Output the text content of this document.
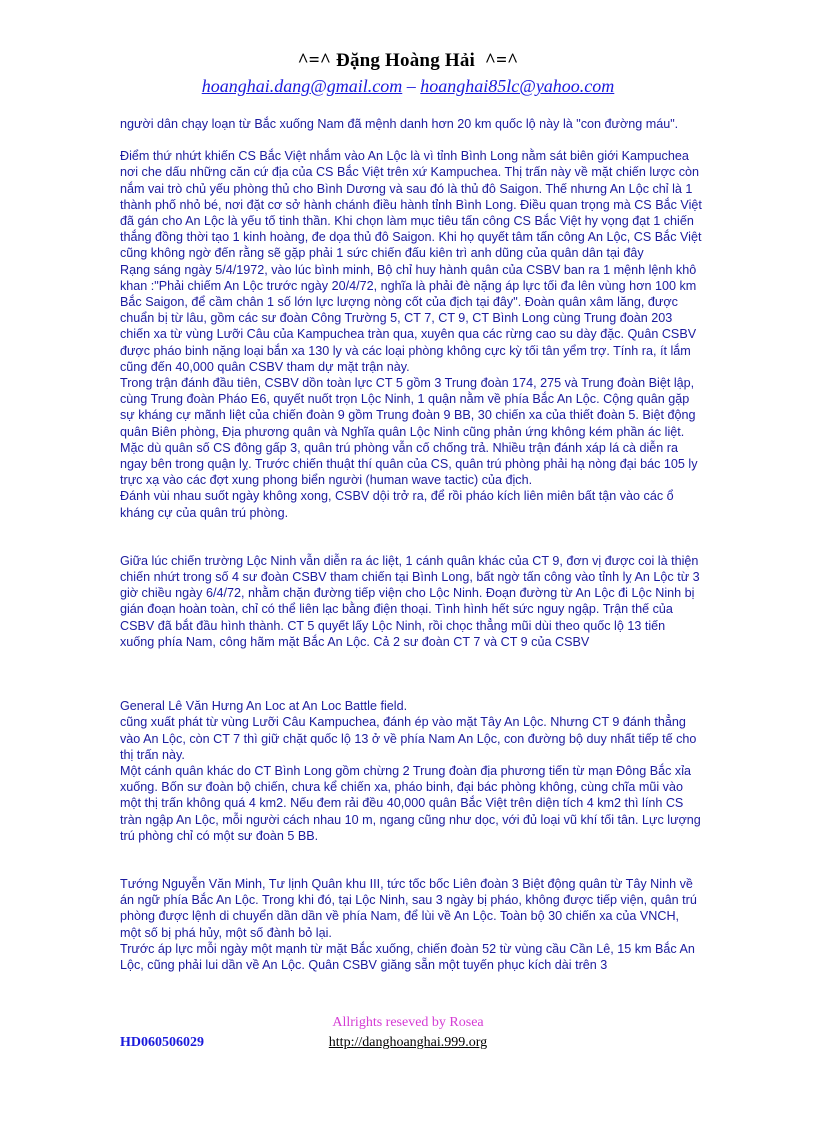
^=^ Đặng Hoàng Hải  ^=^
hoanghai.dang@gmail.com – hoanghai85lc@yahoo.com

người dân chạy loạn từ Bắc xuống Nam đã mệnh danh hơn 20 km quốc lộ này là "con đường máu".

Điểm thứ nhứt khiến CS Bắc Việt nhắm vào An Lộc là vì tỉnh Bình Long nằm sát biên giới Kampuchea nơi che dấu những căn cứ địa của CS Bắc Việt trên xứ Kampuchea. Thị trấn này về mặt chiến lược còn nắm vai trò chủ yếu phòng thủ cho Bình Dương và sau đó là thủ đô Saigon. Thế nhưng An Lộc chỉ là 1 thành phố nhỏ bé, nơi đặt cơ sở hành chánh điều hành tỉnh Bình Long. Điều quan trọng mà CS Bắc Việt đã gán cho An Lộc là yếu tố tinh thần. Khi chọn làm mục tiêu tấn công CS Bắc Việt hy vọng đạt 1 chiến thắng đồng thời tạo 1 kinh hoàng, đe dọa thủ đô Saigon. Khi họ quyết tâm tấn công An Lộc, CS Bắc Việt cũng không ngờ đến rằng sẽ gặp phải 1 sức chiến đấu kiên trì anh dũng của quân dân tại đây

Rạng sáng ngày 5/4/1972, vào lúc bình minh, Bộ chỉ huy hành quân của CSBV ban ra 1 mệnh lệnh khô khan :"Phải chiếm An Lộc trước ngày 20/4/72, nghĩa là phải đè nặng áp lực tối đa lên vùng hơn 100 km Bắc Saigon, để cầm chân 1 số lớn lực lượng nòng cốt của địch tại đây". Đoàn quân xâm lăng, được chuẩn bị từ lâu, gồm các sư đoàn Công Trường 5, CT 7, CT 9, CT Bình Long cùng Trung đoàn 203 chiến xa từ vùng Lưỡi Câu của Kampuchea tràn qua, xuyên qua các rừng cao su dày đặc. Quân CSBV được pháo binh nặng loại bắn xa 130 ly và các loại phòng không cực kỳ tối tân yểm trợ. Tính ra, ít lắm cũng đến 40,000 quân CSBV tham dự mặt trận này.

Trong trận đánh đầu tiên, CSBV dồn toàn lực CT 5 gồm 3 Trung đoàn 174, 275 và Trung đoàn Biệt lập, cùng Trung đoàn Pháo E6, quyết nuốt trọn Lộc Ninh, 1 quận nằm về phía Bắc An Lộc. Cộng quân gặp sự kháng cự mãnh liệt của chiến đoàn 9 gồm Trung đoàn 9 BB, 30 chiến xa của thiết đoàn 5. Biệt động quân Biên phòng, Địa phương quân và Nghĩa quân Lộc Ninh cũng phản ứng không kém phần ác liệt. Mặc dù quân số CS đông gấp 3, quân trú phòng vẫn cố chống trả. Nhiều trận đánh xáp lá cà diễn ra ngay bên trong quận lỵ. Trước chiến thuật thí quân của CS, quân trú phòng phải hạ nòng đại bác 105 ly trực xạ vào các đợt xung phong biển người (human wave tactic) của địch.

Đánh vùi nhau suốt ngày không xong, CSBV dội trở ra, để rồi pháo kích liên miên bất tận vào các ổ kháng cự của quân trú phòng.

Giữa lúc chiến trường Lộc Ninh vẫn diễn ra ác liệt, 1 cánh quân khác của CT 9, đơn vị được coi là thiện chiến nhứt trong số 4 sư đoàn CSBV tham chiến tại Bình Long, bất ngờ tấn công vào tỉnh lỵ An Lộc từ 3 giờ chiều ngày 6/4/72, nhằm chặn đường tiếp viện cho Lộc Ninh. Đoạn đường từ An Lộc đi Lộc Ninh bị gián đoạn hoàn toàn, chỉ có thể liên lạc bằng điện thoại. Tình hình hết sức nguy ngập. Trận thế của CSBV đã bắt đầu hình thành. CT 5 quyết lấy Lộc Ninh, rồi chọc thẳng mũi dùi theo quốc lộ 13 tiến xuống phía Nam, công hãm mặt Bắc An Lộc. Cả 2 sư đoàn CT 7 và CT 9 của CSBV

General Lê Văn Hưng An Loc at An Loc Battle field.

cũng xuất phát từ vùng Lưỡi Câu Kampuchea, đánh ép vào mặt Tây An Lộc. Nhưng CT 9 đánh thẳng vào An Lộc, còn CT 7 thì giữ chặt quốc lộ 13 ở về phía Nam An Lộc, con đường bộ duy nhất tiếp tế cho thị trấn này.

Một cánh quân khác do CT Bình Long gồm chừng 2 Trung đoàn địa phương tiến từ mạn Đông Bắc xỉa xuống. Bốn sư đoàn bộ chiến, chưa kể chiến xa, pháo binh, đại bác phòng không, cùng chĩa mũi vào một thị trấn không quá 4 km2. Nếu đem rải đều 40,000 quân Bắc Việt trên diện tích 4 km2 thì lính CS tràn ngập An Lộc, mỗi người cách nhau 10 m, ngang cũng như dọc, với đủ loại vũ khí tối tân. Lực lượng trú phòng chỉ có một sư đoàn 5 BB.

Tướng Nguyễn Văn Minh, Tư lịnh Quân khu III, tức tốc bốc Liên đoàn 3 Biệt động quân từ Tây Ninh về án ngữ phía Bắc An Lộc. Trong khi đó, tại Lộc Ninh, sau 3 ngày bị pháo, không được tiếp viện, quân trú phòng được lệnh di chuyển dần dần về phía Nam, để lùi về An Lộc. Toàn bộ 30 chiến xa của VNCH, một số bị phá hủy, một số đành bỏ lại.

Trước áp lực mỗi ngày một mạnh từ mặt Bắc xuống, chiến đoàn 52 từ vùng cầu Cần Lê, 15 km Bắc An Lộc, cũng phải lui dần về An Lộc. Quân CSBV giăng sẵn một tuyến phục kích dài trên 3

Allrights reseved by Rosea
HD060506029	http://danghoanghai.999.org
